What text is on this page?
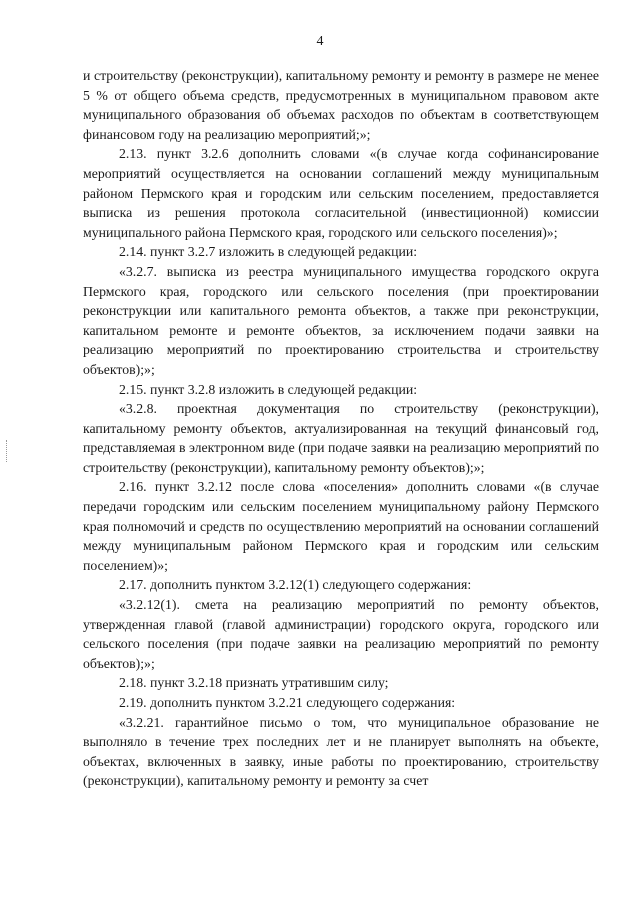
4

и строительству (реконструкции), капитальному ремонту и ремонту в размере не менее 5 % от общего объема средств, предусмотренных в муниципальном правовом акте муниципального образования об объемах расходов по объектам в соответствующем финансовом году на реализацию мероприятий;»;

2.13. пункт 3.2.6 дополнить словами «(в случае когда софинансирование мероприятий осуществляется на основании соглашений между муниципальным районом Пермского края и городским или сельским поселением, предоставляется выписка из решения протокола согласительной (инвестиционной) комиссии муниципального района Пермского края, городского или сельского поселения)»;

2.14. пункт 3.2.7 изложить в следующей редакции:

«3.2.7. выписка из реестра муниципального имущества городского округа Пермского края, городского или сельского поселения (при проектировании реконструкции или капитального ремонта объектов, а также при реконструкции, капитальном ремонте и ремонте объектов, за исключением подачи заявки на реализацию мероприятий по проектированию строительства и строительству объектов);»;

2.15. пункт 3.2.8 изложить в следующей редакции:

«3.2.8. проектная документация по строительству (реконструкции), капитальному ремонту объектов, актуализированная на текущий финансовый год, представляемая в электронном виде (при подаче заявки на реализацию мероприятий по строительству (реконструкции), капитальному ремонту объектов);»;

2.16. пункт 3.2.12 после слова «поселения» дополнить словами «(в случае передачи городским или сельским поселением муниципальному району Пермского края полномочий и средств по осуществлению мероприятий на основании соглашений между муниципальным районом Пермского края и городским или сельским поселением)»;

2.17. дополнить пунктом 3.2.12(1) следующего содержания:

«3.2.12(1). смета на реализацию мероприятий по ремонту объектов, утвержденная главой (главой администрации) городского округа, городского или сельского поселения (при подаче заявки на реализацию мероприятий по ремонту объектов);»;

2.18. пункт 3.2.18 признать утратившим силу;

2.19. дополнить пунктом 3.2.21 следующего содержания:

«3.2.21. гарантийное письмо о том, что муниципальное образование не выполняло в течение трех последних лет и не планирует выполнять на объекте, объектах, включенных в заявку, иные работы по проектированию, строительству (реконструкции), капитальному ремонту и ремонту за счет
